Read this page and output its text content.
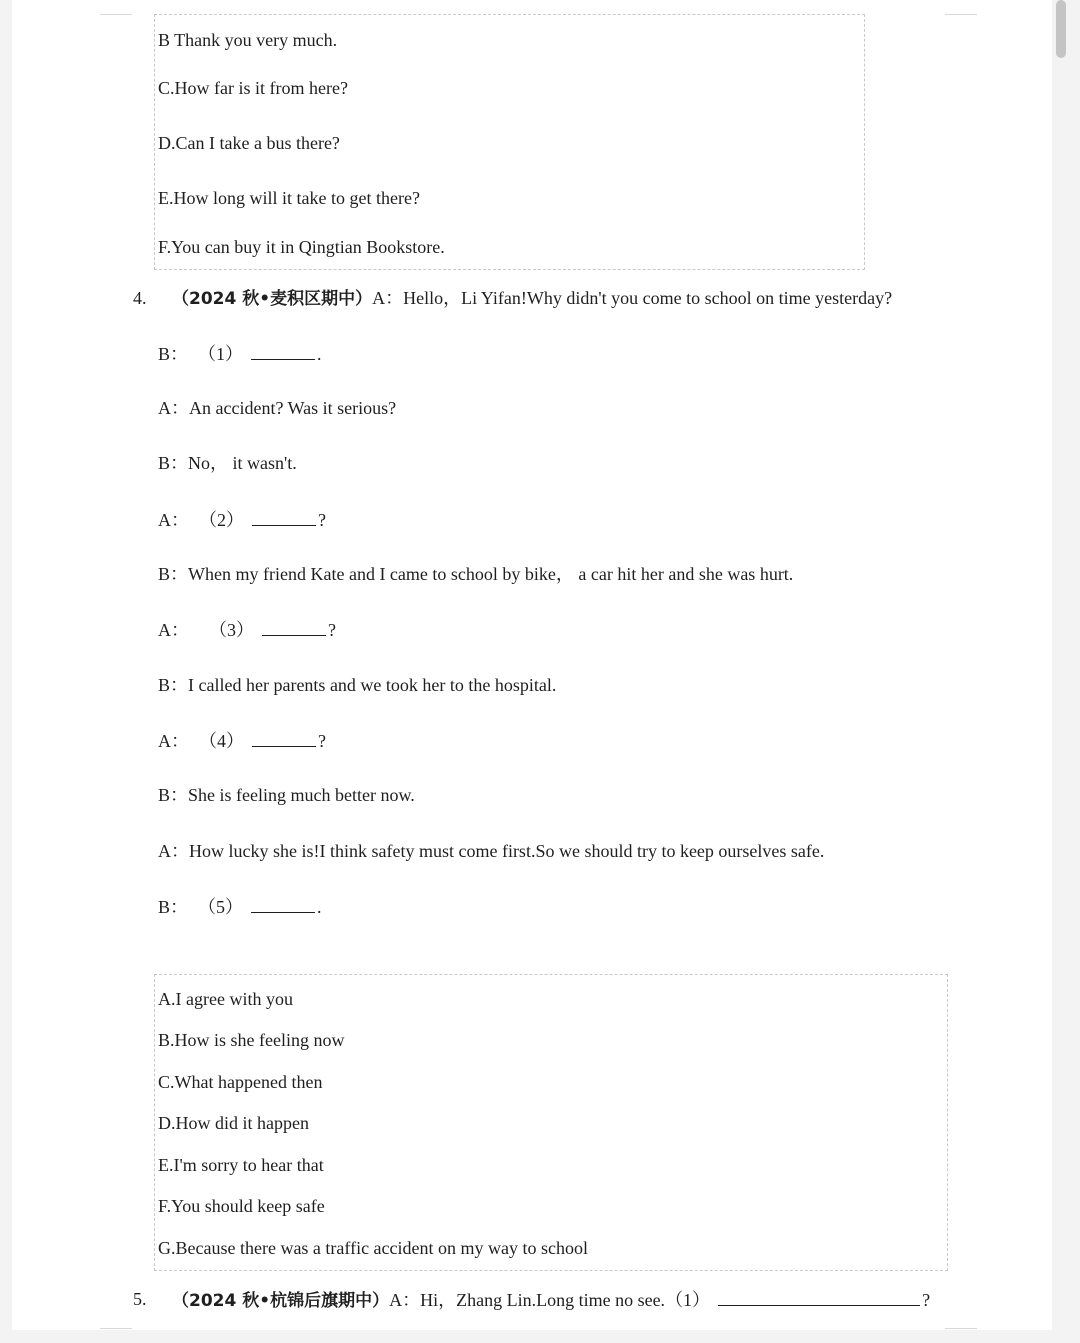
B Thank you very much.
C.How far is it from here?
D.Can I take a bus there?
E.How long will it take to get there?
F.You can buy it in Qingtian Bookstore.
4. （2024 秋•麦积区期中）A：Hello，Li Yifan!Why didn't you come to school on time yesterday?
B： （1）	.
A：An accident? Was it serious?
B：No， it wasn't.
A： （2）	?
B：When my friend Kate and I came to school by bike， a car hit her and she was hurt.
A： （3）	?
B：I called her parents and we took her to the hospital.
A： （4）	?
B：She is feeling much better now.
A：How lucky she is!I think safety must come first.So we should try to keep ourselves safe.
B： （5）	.
A.I agree with you
B.How is she feeling now
C.What happened then
D.How did it happen
E.I'm sorry to hear that
F.You should keep safe
G.Because there was a traffic accident on my way to school
5. （2024 秋•杭锦后旗期中）A：Hi，Zhang Lin.Long time no see.（1）	?
